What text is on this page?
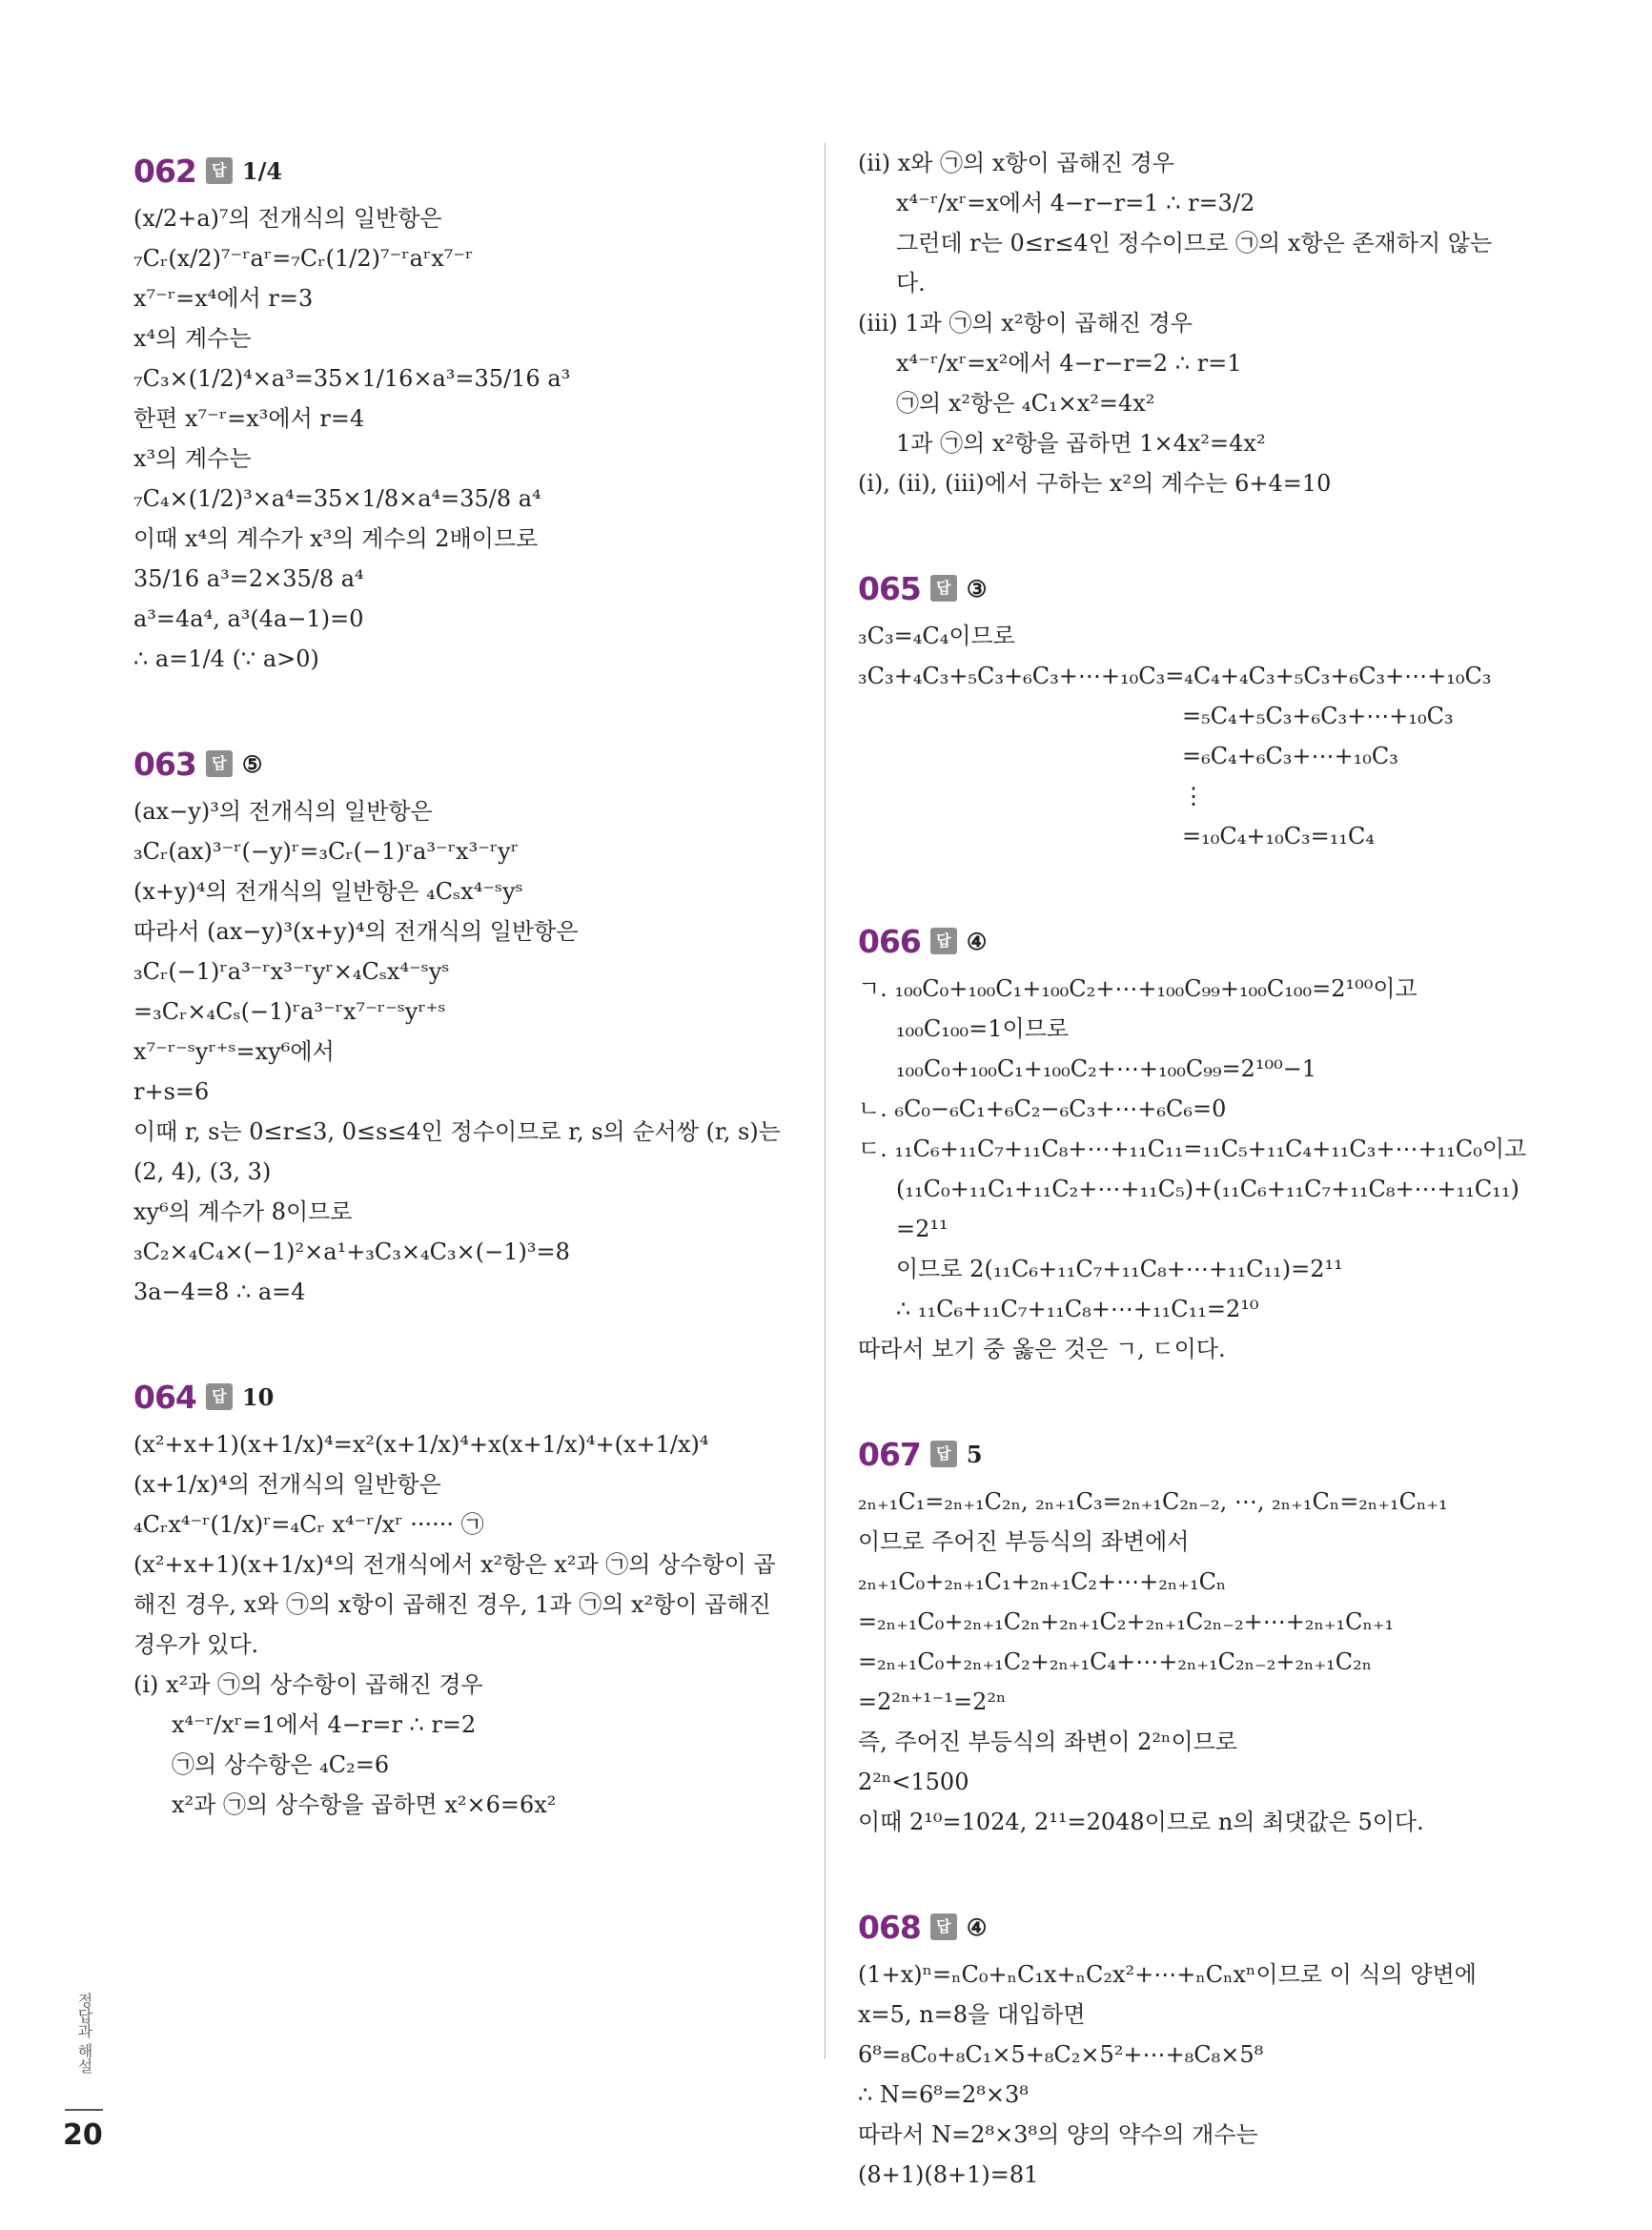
062	답 1/4
(x/2+a)⁷의 전개식의 일반항은
₇Cᵣ(x/2)⁷⁻ʳaʳ=₇Cᵣ(1/2)⁷⁻ʳaʳx⁷⁻ʳ
x⁷⁻ʳ=x⁴에서 r=3
x⁴의 계수는
₇C₃×(1/2)⁴×a³=35×1/16×a³=35/16 a³
한편 x⁷⁻ʳ=x³에서 r=4
x³의 계수는
₇C₄×(1/2)³×a⁴=35×1/8×a⁴=35/8 a⁴
이때 x⁴의 계수가 x³의 계수의 2배이므로
35/16 a³=2×35/8 a⁴
a³=4a⁴, a³(4a−1)=0
∴ a=1/4 (∵ a>0)
063	답 ⑤
(ax−y)³의 전개식의 일반항은
₃Cᵣ(ax)³⁻ʳ(−y)ʳ=₃Cᵣ(−1)ʳa³⁻ʳx³⁻ʳyʳ
(x+y)⁴의 전개식의 일반항은 ₄Cₛx⁴⁻ˢyˢ
따라서 (ax−y)³(x+y)⁴의 전개식의 일반항은
₃Cᵣ(−1)ʳa³⁻ʳx³⁻ʳyʳ×₄Cₛx⁴⁻ˢyˢ
=₃Cᵣ×₄Cₛ(−1)ʳa³⁻ʳx⁷⁻ʳ⁻ˢyʳ⁺ˢ
x⁷⁻ʳ⁻ˢyʳ⁺ˢ=xy⁶에서
r+s=6
이때 r, s는 0≤r≤3, 0≤s≤4인 정수이므로 r, s의 순서쌍 (r, s)는
(2, 4), (3, 3)
xy⁶의 계수가 8이므로
₃C₂×₄C₄×(−1)²×a¹+₃C₃×₄C₃×(−1)³=8
3a−4=8 ∴ a=4
064	답 10
(x²+x+1)(x+1/x)⁴=x²(x+1/x)⁴+x(x+1/x)⁴+(x+1/x)⁴
(x+1/x)⁴의 전개식의 일반항은
₄Cᵣx⁴⁻ʳ(1/x)ʳ=₄Cᵣ x⁴⁻ʳ/xʳ ······ ㉠
(x²+x+1)(x+1/x)⁴의 전개식에서 x²항은 x²과 ㉠의 상수항이 곱
해진 경우, x와 ㉠의 x항이 곱해진 경우, 1과 ㉠의 x²항이 곱해진
경우가 있다.
(ⅰ) x²과 ㉠의 상수항이 곱해진 경우
x⁴⁻ʳ/xʳ=1에서 4−r=r ∴ r=2
㉠의 상수항은 ₄C₂=6
x²과 ㉠의 상수항을 곱하면 x²×6=6x²
(ⅱ) x와 ㉠의 x항이 곱해진 경우
x⁴⁻ʳ/xʳ=x에서 4−r−r=1 ∴ r=3/2
그런데 r는 0≤r≤4인 정수이므로 ㉠의 x항은 존재하지 않는
다.
(ⅲ) 1과 ㉠의 x²항이 곱해진 경우
x⁴⁻ʳ/xʳ=x²에서 4−r−r=2 ∴ r=1
㉠의 x²항은 ₄C₁×x²=4x²
1과 ㉠의 x²항을 곱하면 1×4x²=4x²
(ⅰ), (ⅱ), (ⅲ)에서 구하는 x²의 계수는 6+4=10
065	답 ③
₃C₃=₄C₄이므로
₃C₃+₄C₃+₅C₃+₆C₃+⋯+₁₀C₃=₄C₄+₄C₃+₅C₃+₆C₃+⋯+₁₀C₃
=₅C₄+₅C₃+₆C₃+⋯+₁₀C₃
=₆C₄+₆C₃+⋯+₁₀C₃
⋮
=₁₀C₄+₁₀C₃=₁₁C₄
066	답 ④
ㄱ. ₁₀₀C₀+₁₀₀C₁+₁₀₀C₂+⋯+₁₀₀C₉₉+₁₀₀C₁₀₀=2¹⁰⁰이고
₁₀₀C₁₀₀=1이므로
₁₀₀C₀+₁₀₀C₁+₁₀₀C₂+⋯+₁₀₀C₉₉=2¹⁰⁰−1
ㄴ. ₆C₀−₆C₁+₆C₂−₆C₃+⋯+₆C₆=0
ㄷ. ₁₁C₆+₁₁C₇+₁₁C₈+⋯+₁₁C₁₁=₁₁C₅+₁₁C₄+₁₁C₃+⋯+₁₁C₀이고
(₁₁C₀+₁₁C₁+₁₁C₂+⋯+₁₁C₅)+(₁₁C₆+₁₁C₇+₁₁C₈+⋯+₁₁C₁₁)
=2¹¹
이므로 2(₁₁C₆+₁₁C₇+₁₁C₈+⋯+₁₁C₁₁)=2¹¹
∴ ₁₁C₆+₁₁C₇+₁₁C₈+⋯+₁₁C₁₁=2¹⁰
따라서 보기 중 옳은 것은 ㄱ, ㄷ이다.
067	답 5
₂ₙ₊₁C₁=₂ₙ₊₁C₂ₙ, ₂ₙ₊₁C₃=₂ₙ₊₁C₂ₙ₋₂, ⋯, ₂ₙ₊₁Cₙ=₂ₙ₊₁Cₙ₊₁
이므로 주어진 부등식의 좌변에서
₂ₙ₊₁C₀+₂ₙ₊₁C₁+₂ₙ₊₁C₂+⋯+₂ₙ₊₁Cₙ
=₂ₙ₊₁C₀+₂ₙ₊₁C₂ₙ+₂ₙ₊₁C₂+₂ₙ₊₁C₂ₙ₋₂+⋯+₂ₙ₊₁Cₙ₊₁
=₂ₙ₊₁C₀+₂ₙ₊₁C₂+₂ₙ₊₁C₄+⋯+₂ₙ₊₁C₂ₙ₋₂+₂ₙ₊₁C₂ₙ
=2²ⁿ⁺¹⁻¹=2²ⁿ
즉, 주어진 부등식의 좌변이 2²ⁿ이므로
2²ⁿ<1500
이때 2¹⁰=1024, 2¹¹=2048이므로 n의 최댓값은 5이다.
068	답 ④
(1+x)ⁿ=ₙC₀+ₙC₁x+ₙC₂x²+⋯+ₙCₙxⁿ이므로 이 식의 양변에
x=5, n=8을 대입하면
6⁸=₈C₀+₈C₁×5+₈C₂×5²+⋯+₈C₈×5⁸
∴ N=6⁸=2⁸×3⁸
따라서 N=2⁸×3⁸의 양의 약수의 개수는
(8+1)(8+1)=81
정답과 해설
20
